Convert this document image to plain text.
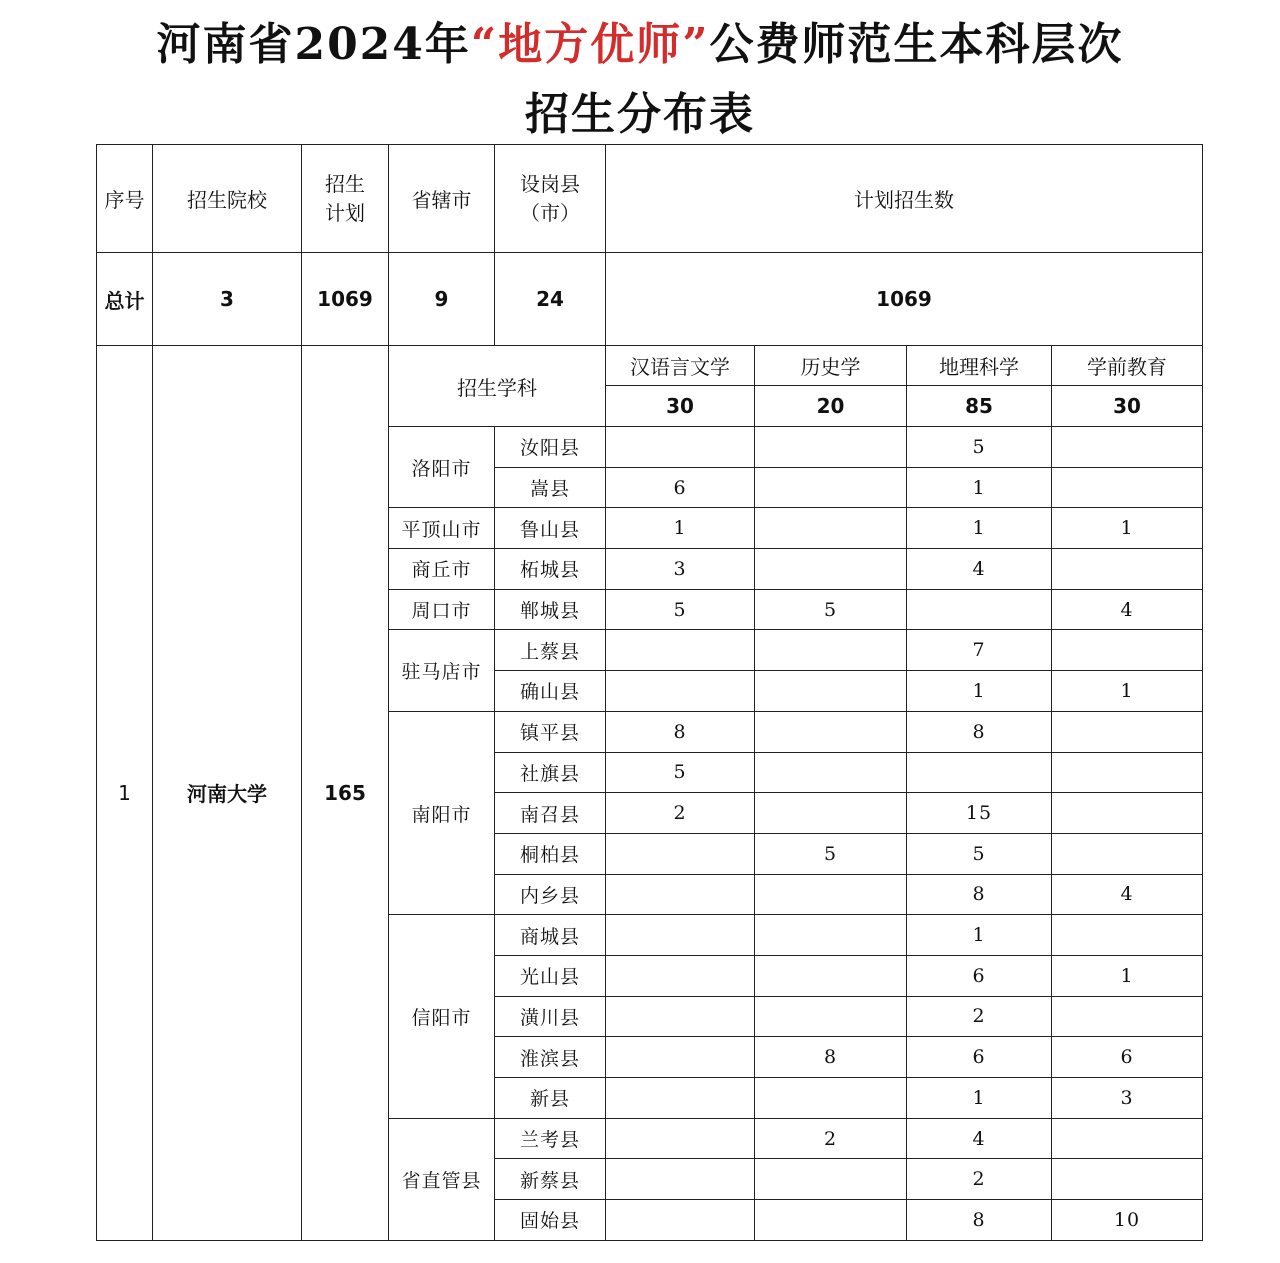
河南省2024年“地方优师”公费师范生本科层次
招生分布表
序号	招生院校	招生计划	省辖市	设岗县（市）	计划招生数			
总计	3	1069	9	24	1069			
1	河南大学	165	招生学科		汉语言文学	历史学	地理科学	学前教育
					30	20	85	30
			洛阳市	汝阳县			5	
				嵩县	6		1	
			平顶山市	鲁山县	1		1	1
			商丘市	柘城县	3		4	
			周口市	郸城县	5	5		4
			驻马店市	上蔡县			7	
				确山县			1	1
			南阳市	镇平县	8		8	
				社旗县	5			
				南召县	2		15	
				桐柏县		5	5	
				内乡县			8	4
			信阳市	商城县			1	
				光山县			6	1
				潢川县			2	
				淮滨县		8	6	6
				新县			1	3
			省直管县	兰考县		2	4	
				新蔡县			2	
				固始县			8	10
